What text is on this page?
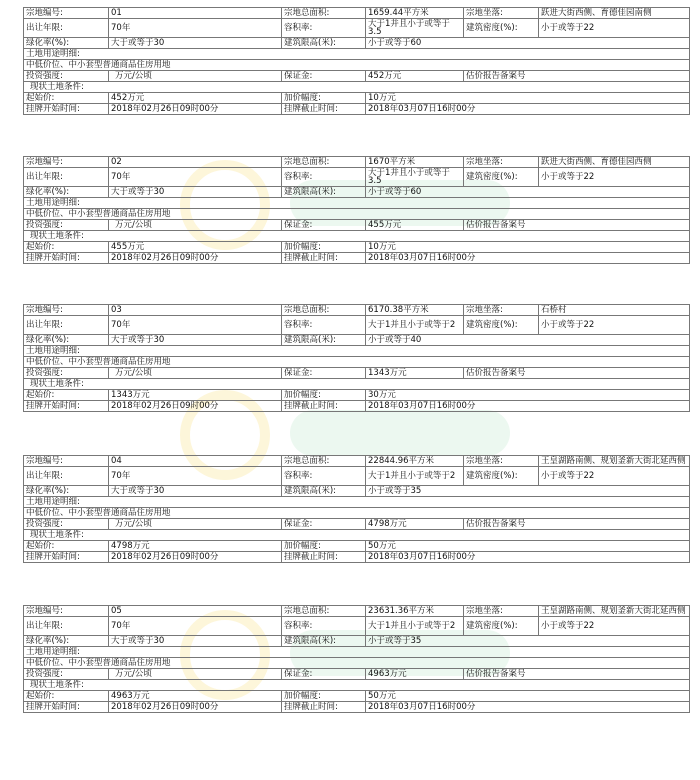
宗地编号:	01	宗地总面积:	1659.44平方米	宗地坐落:	跃进大街西侧、育德佳园南侧
出让年限:	70年	容积率:	大于1并且小于或等于3.5	建筑密度(%):	小于或等于22
绿化率(%):	大于或等于30	建筑限高(米):	小于或等于60		
土地用途明细:					
中低价位、中小套型普通商品住房用地					
投资强度:	万元/公顷	保证金:	452万元	估价报告备案号	
现状土地条件:					
起始价:	452万元	加价幅度:	10万元		
挂牌开始时间:	2018年02月26日09时00分	挂牌截止时间:	2018年03月07日16时00分		
宗地编号:	02	宗地总面积:	1670平方米	宗地坐落:	跃进大街西侧、育德佳园西侧
出让年限:	70年	容积率:	大于1并且小于或等于3.5	建筑密度(%):	小于或等于22
绿化率(%):	大于或等于30	建筑限高(米):	小于或等于60		
土地用途明细:					
中低价位、中小套型普通商品住房用地					
投资强度:	万元/公顷	保证金:	455万元	估价报告备案号	
现状土地条件:					
起始价:	455万元	加价幅度:	10万元		
挂牌开始时间:	2018年02月26日09时00分	挂牌截止时间:	2018年03月07日16时00分		
宗地编号:	03	宗地总面积:	6170.38平方米	宗地坐落:	石桥村
出让年限:	70年	容积率:	大于1并且小于或等于2	建筑密度(%):	小于或等于22
绿化率(%):	大于或等于30	建筑限高(米):	小于或等于40		
土地用途明细:					
中低价位、中小套型普通商品住房用地					
投资强度:	万元/公顷	保证金:	1343万元	估价报告备案号	
现状土地条件:					
起始价:	1343万元	加价幅度:	30万元		
挂牌开始时间:	2018年02月26日09时00分	挂牌截止时间:	2018年03月07日16时00分		
宗地编号:	04	宗地总面积:	22844.96平方米	宗地坐落:	王皇湖路南侧、规划釜新大街北延西侧
出让年限:	70年	容积率:	大于1并且小于或等于2	建筑密度(%):	小于或等于22
绿化率(%):	大于或等于30	建筑限高(米):	小于或等于35		
土地用途明细:					
中低价位、中小套型普通商品住房用地					
投资强度:	万元/公顷	保证金:	4798万元	估价报告备案号	
现状土地条件:					
起始价:	4798万元	加价幅度:	50万元		
挂牌开始时间:	2018年02月26日09时00分	挂牌截止时间:	2018年03月07日16时00分		
宗地编号:	05	宗地总面积:	23631.36平方米	宗地坐落:	王皇湖路南侧、规划釜新大街北延西侧
出让年限:	70年	容积率:	大于1并且小于或等于2	建筑密度(%):	小于或等于22
绿化率(%):	大于或等于30	建筑限高(米):	小于或等于35		
土地用途明细:					
中低价位、中小套型普通商品住房用地					
投资强度:	万元/公顷	保证金:	4963万元	估价报告备案号	
现状土地条件:					
起始价:	4963万元	加价幅度:	50万元		
挂牌开始时间:	2018年02月26日09时00分	挂牌截止时间:	2018年03月07日16时00分		
